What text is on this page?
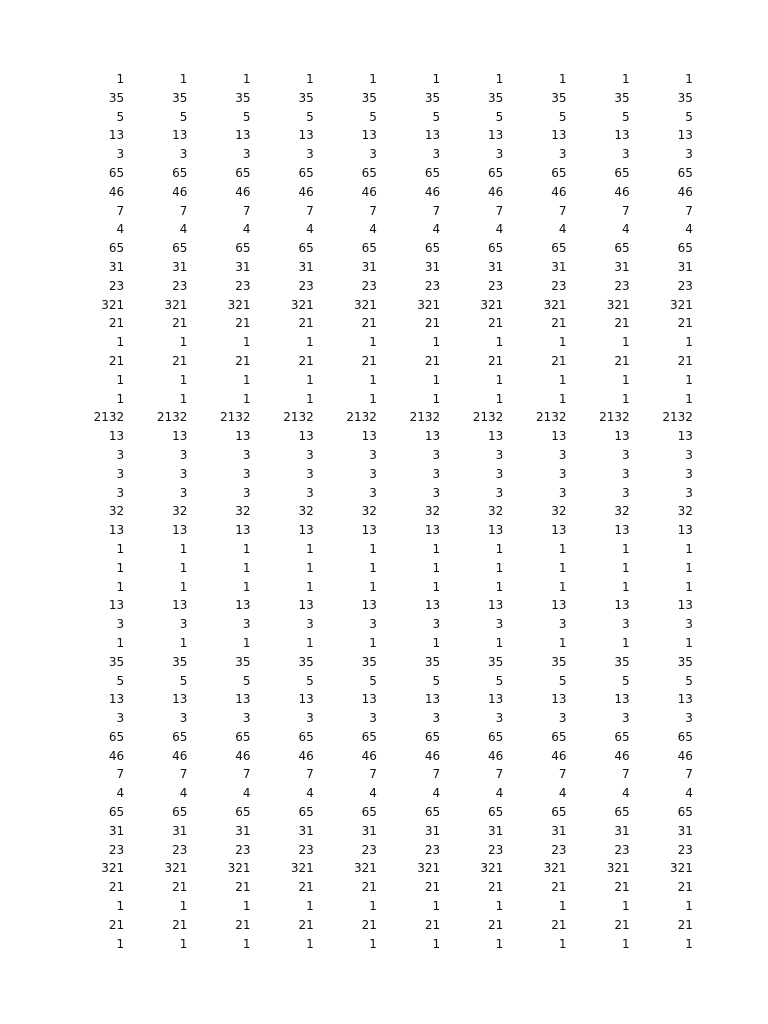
1	1	1	1	1	1	1	1	1	1
35	35	35	35	35	35	35	35	35	35
5	5	5	5	5	5	5	5	5	5
13	13	13	13	13	13	13	13	13	13
3	3	3	3	3	3	3	3	3	3
65	65	65	65	65	65	65	65	65	65
46	46	46	46	46	46	46	46	46	46
7	7	7	7	7	7	7	7	7	7
4	4	4	4	4	4	4	4	4	4
65	65	65	65	65	65	65	65	65	65
31	31	31	31	31	31	31	31	31	31
23	23	23	23	23	23	23	23	23	23
321	321	321	321	321	321	321	321	321	321
21	21	21	21	21	21	21	21	21	21
1	1	1	1	1	1	1	1	1	1
21	21	21	21	21	21	21	21	21	21
1	1	1	1	1	1	1	1	1	1
1	1	1	1	1	1	1	1	1	1
2132	2132	2132	2132	2132	2132	2132	2132	2132	2132
13	13	13	13	13	13	13	13	13	13
3	3	3	3	3	3	3	3	3	3
3	3	3	3	3	3	3	3	3	3
3	3	3	3	3	3	3	3	3	3
32	32	32	32	32	32	32	32	32	32
13	13	13	13	13	13	13	13	13	13
1	1	1	1	1	1	1	1	1	1
1	1	1	1	1	1	1	1	1	1
1	1	1	1	1	1	1	1	1	1
13	13	13	13	13	13	13	13	13	13
3	3	3	3	3	3	3	3	3	3
1	1	1	1	1	1	1	1	1	1
35	35	35	35	35	35	35	35	35	35
5	5	5	5	5	5	5	5	5	5
13	13	13	13	13	13	13	13	13	13
3	3	3	3	3	3	3	3	3	3
65	65	65	65	65	65	65	65	65	65
46	46	46	46	46	46	46	46	46	46
7	7	7	7	7	7	7	7	7	7
4	4	4	4	4	4	4	4	4	4
65	65	65	65	65	65	65	65	65	65
31	31	31	31	31	31	31	31	31	31
23	23	23	23	23	23	23	23	23	23
321	321	321	321	321	321	321	321	321	321
21	21	21	21	21	21	21	21	21	21
1	1	1	1	1	1	1	1	1	1
21	21	21	21	21	21	21	21	21	21
1	1	1	1	1	1	1	1	1	1
